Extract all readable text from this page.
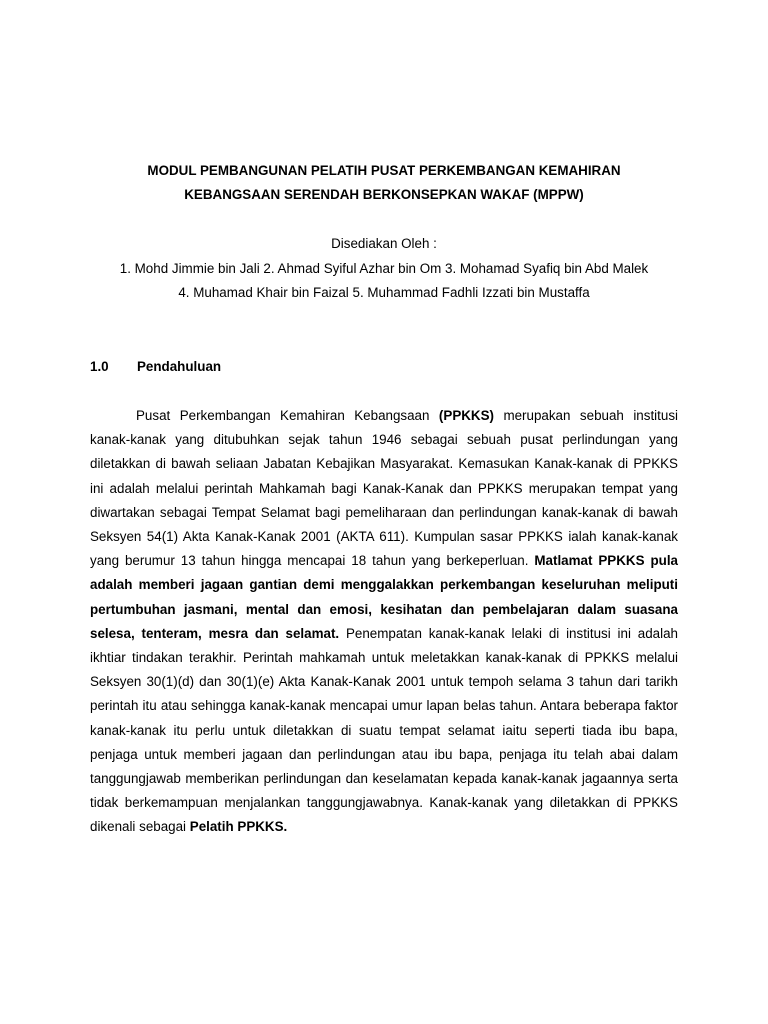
MODUL PEMBANGUNAN PELATIH PUSAT PERKEMBANGAN KEMAHIRAN
KEBANGSAAN SERENDAH BERKONSEPKAN WAKAF (MPPW)
Disediakan Oleh :
1. Mohd Jimmie bin Jali 2. Ahmad Syiful Azhar bin Om 3. Mohamad Syafiq bin Abd Malek
4. Muhamad Khair bin Faizal 5. Muhammad Fadhli Izzati bin Mustaffa
1.0 Pendahuluan

Pusat Perkembangan Kemahiran Kebangsaan (PPKKS) merupakan sebuah institusi kanak-kanak yang ditubuhkan sejak tahun 1946 sebagai sebuah pusat perlindungan yang diletakkan di bawah seliaan Jabatan Kebajikan Masyarakat. Kemasukan Kanak-kanak di PPKKS ini adalah melalui perintah Mahkamah bagi Kanak-Kanak dan PPKKS merupakan tempat yang diwartakan sebagai Tempat Selamat bagi pemeliharaan dan perlindungan kanak-kanak di bawah Seksyen 54(1) Akta Kanak-Kanak 2001 (AKTA 611). Kumpulan sasar PPKKS ialah kanak-kanak yang berumur 13 tahun hingga mencapai 18 tahun yang berkeperluan. Matlamat PPKKS pula adalah memberi jagaan gantian demi menggalakkan perkembangan keseluruhan meliputi pertumbuhan jasmani, mental dan emosi, kesihatan dan pembelajaran dalam suasana selesa, tenteram, mesra dan selamat. Penempatan kanak-kanak lelaki di institusi ini adalah ikhtiar tindakan terakhir. Perintah mahkamah untuk meletakkan kanak-kanak di PPKKS melalui Seksyen 30(1)(d) dan 30(1)(e) Akta Kanak-Kanak 2001 untuk tempoh selama 3 tahun dari tarikh perintah itu atau sehingga kanak-kanak mencapai umur lapan belas tahun. Antara beberapa faktor kanak-kanak itu perlu untuk diletakkan di suatu tempat selamat iaitu seperti tiada ibu bapa, penjaga untuk memberi jagaan dan perlindungan atau ibu bapa, penjaga itu telah abai dalam tanggungjawab memberikan perlindungan dan keselamatan kepada kanak-kanak jagaannya serta tidak berkemampuan menjalankan tanggungjawabnya. Kanak-kanak yang diletakkan di PPKKS dikenali sebagai Pelatih PPKKS.
